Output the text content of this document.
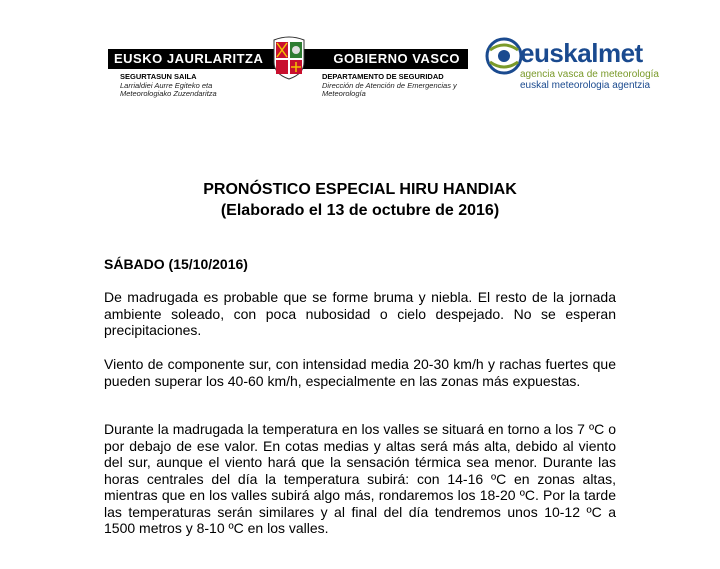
EUSKO JAURLARITZA	GOBIERNO VASCO
SEGURTASUN SAILA
Larrialdiei Aurre Egiteko eta Meteorologiako Zuzendaritza
DEPARTAMENTO DE SEGURIDAD
Dirección de Atención de Emergencias y Meteorología
euskalmet
agencia vasca de meteorología
euskal meteorologia agentzia
PRONÓSTICO ESPECIAL HIRU HANDIAK
(Elaborado el 13 de octubre de 2016)
SÁBADO (15/10/2016)
De madrugada es probable que se forme bruma y niebla. El resto de la jornada ambiente soleado, con poca nubosidad o cielo despejado. No se esperan precipitaciones.
Viento de componente sur, con intensidad media 20-30 km/h y rachas fuertes que pueden superar los 40-60 km/h, especialmente en las zonas más expuestas.
Durante la madrugada la temperatura en los valles se situará en torno a los 7 ºC o por debajo de ese valor. En cotas medias y altas será más alta, debido al viento del sur, aunque el viento hará que la sensación térmica sea menor. Durante las horas centrales del día la temperatura subirá: con 14-16 ºC en zonas altas, mientras que en los valles subirá algo más, rondaremos los 18-20 ºC. Por la tarde las temperaturas serán similares y al final del día tendremos unos 10-12 ºC a 1500 metros y 8-10 ºC en los valles.
